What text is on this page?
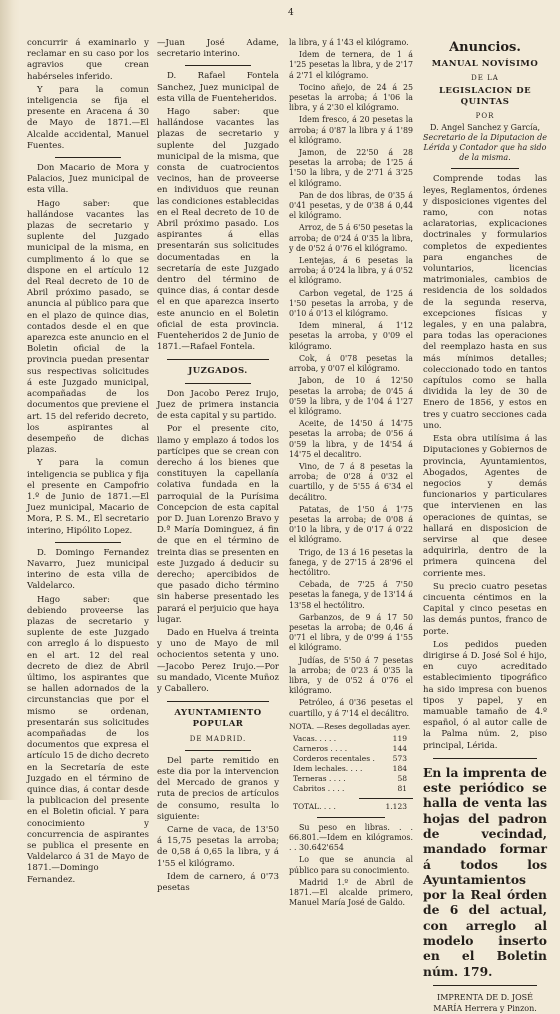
concurrir á examinarlo y reclamar en su caso por los agravios que crean habérseles inferido.

Y para la comun inteligencia se fija el presente en Aracena á 30 de Mayo de 1871.—El Alcalde accidental, Manuel Fuentes.

Don Macario de Mora y Palacios, Juez municipal de esta villa.

Hago saber: que hallándose vacantes las plazas de secretario y suplente del Juzgado municipal de la misma, en cumplimento á lo que se dispone en el artículo 12 del Real decreto de 10 de Abril próximo pasado, se anuncia al público para que en el plazo de quince dias, contados desde el en que aparezca este anuncio en el Boletin oficial de la provincia puedan presentar sus respectivas solicitudes á este Juzgado municipal, acompañadas de los documentos que previene el art. 15 del referido decreto, los aspirantes al desempeño de dichas plazas.

Y para la comun inteligencia se publica y fija el presente en Campofrio 1.º de Junio de 1871.—El Juez municipal, Macario de Mora, P. S. M., El secretario interino, Hipólito Lopez.

D. Domingo Fernandez Navarro, Juez municipal interino de esta villa de Valdelarco.

Hago saber: que debiendo proveerse las plazas de secretario y suplente de este Juzgado con arreglo á lo dispuesto en el art. 12 del real decreto de diez de Abril último, los aspirantes que se hallen adornados de la circunstancias que por el mismo se ordenan, presentarán sus solicitudes acompañadas de los documentos que expresa el artículo 15 de dicho decreto en la Secretaría de este Juzgado en el término de quince dias, á contar desde la publicacion del presente en el Boletin oficial. Y para conocimiento y concurrencia de aspirantes se publica el presente en Valdelarco á 31 de Mayo de 1871.—Domingo Fernandez.

—Juan José Adame, secretario interino.

D. Rafael Fontela Sanchez, Juez municipal de esta villa de Fuenteheridos.

Hago saber: que hallándose vacantes las plazas de secretario y suplente del Juzgado municipal de la misma, que consta de cuatrocientos vecinos, han de proveerse en individuos que reunan las condiciones establecidas en el Real decreto de 10 de Abril próximo pasado. Los aspirantes á ellas presentarán sus solicitudes documentadas en la secretaría de este Juzgado dentro del término de quince dias, á contar desde el en que aparezca inserto este anuncio en el Boletin oficial de esta provincia. Fuenteheridos 2 de Junio de 1871.—Rafael Fontela.

JUZGADOS.

Don Jacobo Perez Irujo, Juez de primera instancia de esta capital y su partido.

Por el presente cito, llamo y emplazo á todos los partícipes que se crean con derecho á los bienes que constituyen la capellanía colativa fundada en la parroquial de la Purísima Concepcion de esta capital por D. Juan Lorenzo Bravo y D.ª María Dominguez, á fin de que en el término de treinta dias se presenten en este Juzgado á deducir su derecho; apercibidos de que pasado dicho término sin haberse presentado les parará el perjuicio que haya lugar.

Dado en Huelva á treinta y uno de Mayo de mil ochocientos setenta y uno.—Jacobo Perez Irujo.—Por su mandado, Vicente Muñoz y Caballero.

AYUNTAMIENTO POPULAR
DE MADRID.

Del parte remitido en este dia por la intervencion del Mercado de granos y ruta de precios de artículos de consumo, resulta lo siguiente:

Carne de vaca, de 13'50 á 15,75 pesetas la arroba; de 0,58 á 0,65 la libra, y á 1'55 el kilógramo.

Idem de carnero, á 0'73 pesetas

la libra, y á 1'43 el kilógramo.

Idem de ternera, de 1 á 1'25 pesetas la libra, y de 2'17 á 2'71 el kilógramo.

Tocino añejo, de 24 á 25 pesetas la arroba; á 1'06 la libra, y á 2'30 el kilógramo.

Idem fresco, á 20 pesetas la arroba; á 0'87 la libra y á 1'89 el kilógramo.

Jamon, de 22'50 á 28 pesetas la arroba; de 1'25 á 1'50 la libra, y de 2'71 á 3'25 el kilógramo.

Pan de dos libras, de 0'35 á 0'41 pesetas, y de 0'38 á 0,44 el kilógramo.

Arroz, de 5 á 6'50 pesetas la arroba; de 0'24 á 0'35 la libra, y de 0'52 á 0'76 el kilógramo.

Lentejas, á 6 pesetas la arroba; á 0'24 la libra, y á 0'52 el kilógramo.

Carbon vegetal, de 1'25 á 1'50 pesetas la arroba, y de 0'10 á 0'13 el kilógramo.

Idem mineral, á 1'12 pesetas la arroba, y 0'09 el kilógramo.

Cok, á 0'78 pesetas la arroba, y 0'07 el kilógramo.

Jabon, de 10 á 12'50 pesetas la arroba; de 0'45 á 0'59 la libra, y de 1'04 á 1'27 el kilógramo.

Aceite, de 14'50 á 14'75 pesetas la arroba; de 0'56 á 0'59 la libra, y de 14'54 á 14'75 el decalitro.

Vino, de 7 á 8 pesetas la arroba; de 0'28 á 0'32 el cuartillo, y de 5'55 á 6'34 el decálitro.

Patatas, de 1'50 á 1'75 pesetas la arroba; de 0'08 á 0'10 la libra, y de 0'17 á 0'22 el kilógramo.

Trigo, de 13 á 16 pesetas la fanega, y de 27'15 á 28'96 el hectólitro.

Cebada, de 7'25 á 7'50 pesetas la fanega, y de 13'14 á 13'58 el hectólitro.

Garbanzos, de 9 á 17 50 pesetas la arroba; de 0,46 á 0'71 el libra, y de 0'99 á 1'55 el kilógramo.

Judías, de 5'50 á 7 pesetas la arroba; de 0'23 á 0'35 la libra, y de 0'52 á 0'76 el kilógramo.

Petróleo, á 0'36 pesetas el cuartillo, y á 7'14 el decálitro.

NOTA. —Reses degolladas ayer.

Vacas. . . . .	119
Carneros . . . .	144
Corderos recentales . 573
Idem lechales. . . .	184
Terneras . . . .	58
Cabritos . . . .	81
TOTAL. . . .	1.123

Su peso en libras. . . 66.801.—Idem en kilógramos. . . 30.642'654

Lo que se anuncia al público para su conocimiento.

Madrid 1.º de Abril de 1871.—El alcalde primero, Manuel María José de Galdo.

Anuncios.
MANUAL NOVÍSIMO
DE LA
LEGISLACION DE QUINTAS
POR
D. Angel Sanchez y García,
Secretario de la Diputacion de Lérida y Contador que ha sido de la misma.

Comprende todas las leyes, Reglamentos, órdenes y disposiciones vigentes del ramo, con notas aclaratorias, explicaciones doctrinales y formularios completos de expedientes para enganches de voluntarios, licencias matrimoniales, cambios de residencia de los soldados de la segunda reserva, excepciones físicas y legales, y en una palabra, para todas las operaciones del reemplazo hasta en sus más mínimos detalles; coleccionado todo en tantos capítulos como se halla dividida la ley de 30 de Enero de 1856, y estos en tres y cuatro secciones cada uno.

Esta obra utilísima á las Diputaciones y Gobiernos de provincia, Ayuntamientos, Abogados, Agentes de negocios y demás funcionarios y particulares que intervienen en las operaciones de quintas, se hallará en disposicion de servirse al que desee adquirirla, dentro de la primera quincena del corriente mes.

Su precio cuatro pesetas cincuenta céntimos en la Capital y cinco pesetas en las demás puntos, franco de porte.

Los pedidos pueden dirigirse á D. José Sol é hijo, en cuyo acreditado establecimiento tipográfico ha sido impresa con buenos tipos y papel, y en mamuable tamaño de 4.º español, ó al autor calle de la Palma núm. 2, piso principal, Lérida.

En la imprenta de este periódico se halla de venta las hojas del padron de vecindad, mandado formar á todos los Ayuntamientos por la Real órden de 6 del actual, con arreglo al modelo inserto en el Boletin núm. 179.

IMPRENTA DE D. JOSÉ MARÍA Herrera y Pinzon.
4
